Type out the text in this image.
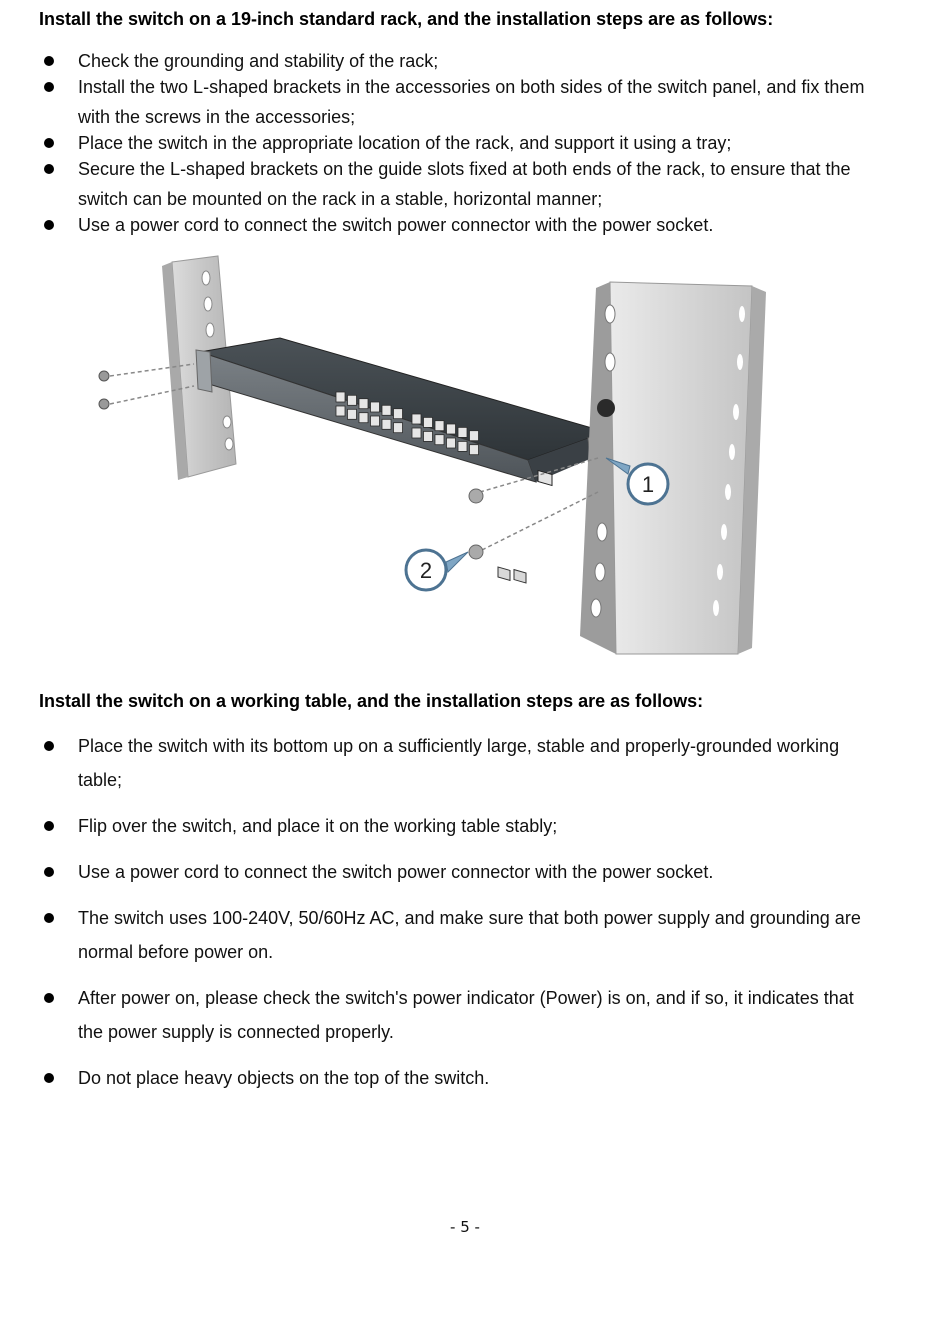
Install the switch on a 19-inch standard rack, and the installation steps are as follows:
Check the grounding and stability of the rack;
Install the two L-shaped brackets in the accessories on both sides of the switch panel, and fix them with the screws in the accessories;
Place the switch in the appropriate location of the rack, and support it using a tray;
Secure the L-shaped brackets on the guide slots fixed at both ends of the rack, to ensure that the switch can be mounted on the rack in a stable, horizontal manner;
Use a power cord to connect the switch power connector with the power socket.
1
2
Install the switch on a working table, and the installation steps are as follows:
Place the switch with its bottom up on a sufficiently large, stable and properly-grounded working table;
Flip over the switch, and place it on the working table stably;
Use a power cord to connect the switch power connector with the power socket.
The switch uses 100-240V, 50/60Hz AC, and make sure that both power supply and grounding are normal before power on.
After power on, please check the switch's power indicator (Power) is on, and if so, it indicates that the power supply is connected properly.
Do not place heavy objects on the top of the switch.
- 5 -
